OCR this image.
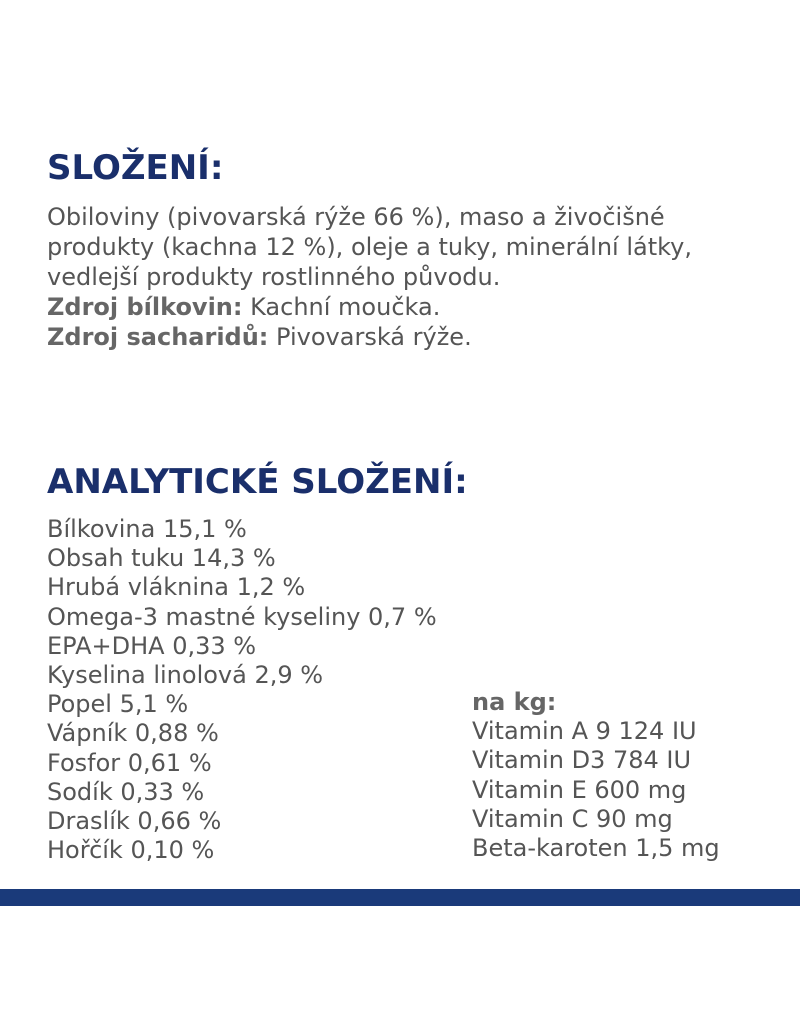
SLOŽENÍ:
Obiloviny (pivovarská rýže 66 %), maso a živočišné
produkty (kachna 12 %), oleje a tuky, minerální látky,
vedlejší produkty rostlinného původu.
Zdroj bílkovin: Kachní moučka.
Zdroj sacharidů: Pivovarská rýže.
ANALYTICKÉ SLOŽENÍ:
Bílkovina 15,1 %
Obsah tuku 14,3 %
Hrubá vláknina 1,2 %
Omega-3 mastné kyseliny 0,7 %
EPA+DHA 0,33 %
Kyselina linolová 2,9 %
Popel 5,1 %
Vápník 0,88 %
Fosfor 0,61 %
Sodík 0,33 %
Draslík 0,66 %
Hořčík 0,10 %
na kg:
Vitamin A 9 124 IU
Vitamin D3 784 IU
Vitamin E 600 mg
Vitamin C 90 mg
Beta-karoten 1,5 mg
